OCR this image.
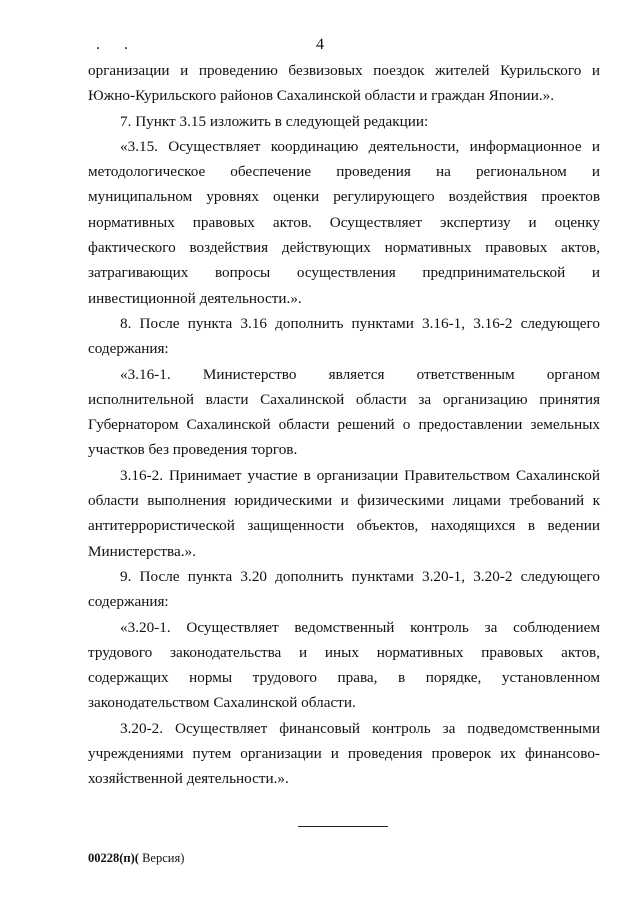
. .	4
организации и проведению безвизовых поездок жителей Курильского и
Южно-Курильского районов Сахалинской области и граждан Японии.».
7. Пункт 3.15 изложить в следующей редакции:
«3.15. Осуществляет координацию деятельности, информационное и
методологическое обеспечение проведения на региональном и
муниципальном уровнях оценки регулирующего воздействия проектов
нормативных правовых актов. Осуществляет экспертизу и оценку
фактического воздействия действующих нормативных правовых актов,
затрагивающих вопросы осуществления предпринимательской и
инвестиционной деятельности.».
8. После пункта 3.16 дополнить пунктами 3.16-1, 3.16-2 следующего
содержания:
«3.16-1. Министерство является ответственным органом
исполнительной власти Сахалинской области за организацию принятия
Губернатором Сахалинской области решений о предоставлении земельных
участков без проведения торгов.
3.16-2. Принимает участие в организации Правительством Сахалинской
области выполнения юридическими и физическими лицами требований к
антитеррористической защищенности объектов, находящихся в ведении
Министерства.».
9. После пункта 3.20 дополнить пунктами 3.20-1, 3.20-2 следующего
содержания:
«3.20-1. Осуществляет ведомственный контроль за соблюдением
трудового законодательства и иных нормативных правовых актов,
содержащих нормы трудового права, в порядке, установленном
законодательством Сахалинской области.
3.20-2. Осуществляет финансовый контроль за подведомственными
учреждениями путем организации и проведения проверок их финансово-
хозяйственной деятельности.».
00228(п)( Версия)
